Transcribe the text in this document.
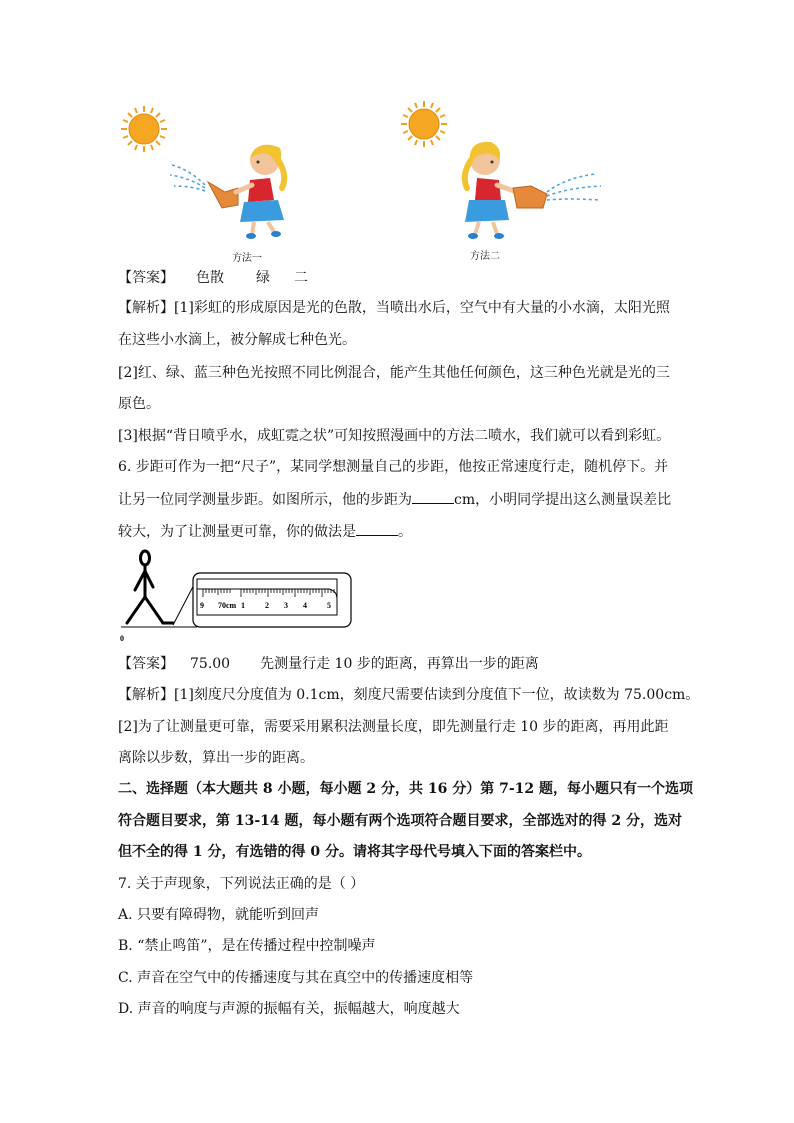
方法一	方法二
【答案】 色散 绿 二
【解析】[1]彩虹的形成原因是光的色散，当喷出水后，空气中有大量的小水滴，太阳光照
在这些小水滴上，被分解成七种色光。
[2]红、绿、蓝三种色光按照不同比例混合，能产生其他任何颜色，这三种色光就是光的三
原色。
[3]根据“背日喷乎水，成虹霓之状”可知按照漫画中的方法二喷水，我们就可以看到彩虹。
6. 步距可作为一把“尺子”，某同学想测量自己的步距，他按正常速度行走，随机停下。并
让另一位同学测量步距。如图所示，他的步距为	cm，小明同学提出这么测量误差比
较大，为了让测量更可靠，你的做法是	。
9 70cm 1	2 3 4	5
0
【答案】 75.00 先测量行走 10 步的距离，再算出一步的距离
【解析】[1]刻度尺分度值为 0.1cm，刻度尺需要估读到分度值下一位，故读数为 75.00cm。
[2]为了让测量更可靠，需要采用累积法测量长度，即先测量行走 10 步的距离，再用此距
离除以步数，算出一步的距离。
二、选择题（本大题共 8 小题，每小题 2 分，共 16 分）第 7-12 题，每小题只有一个选项
符合题目要求，第 13-14 题，每小题有两个选项符合题目要求，全部选对的得 2 分，选对
但不全的得 1 分，有选错的得 0 分。请将其字母代号填入下面的答案栏中。
7. 关于声现象，下列说法正确的是（ ）
A. 只要有障碍物，就能听到回声
B. “禁止鸣笛”，是在传播过程中控制噪声
C. 声音在空气中的传播速度与其在真空中的传播速度相等
D. 声音的响度与声源的振幅有关，振幅越大，响度越大
